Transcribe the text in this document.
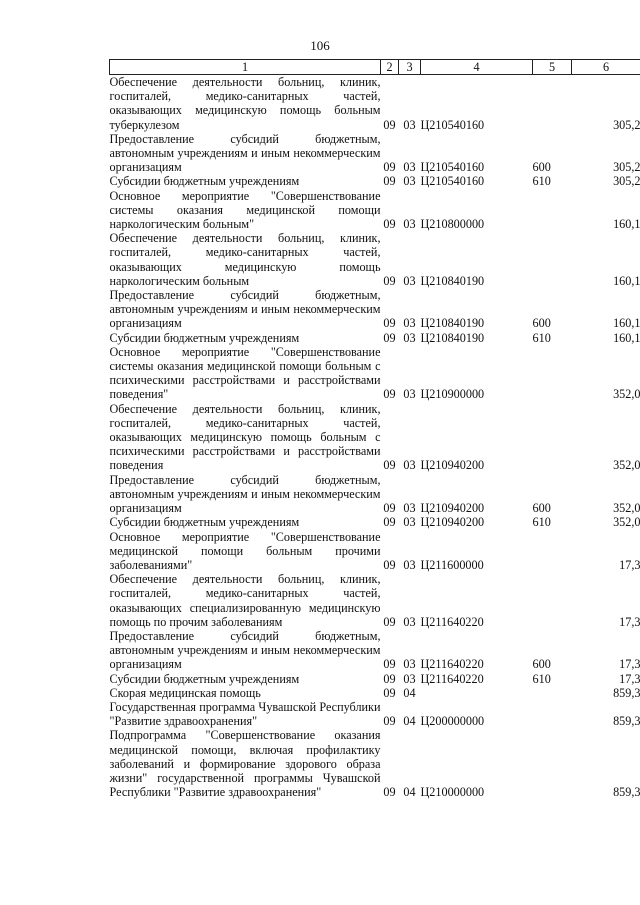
106
1	2	3	4	5	6
Обеспечение деятельности больниц, клиник, госпиталей, медико-санитарных частей, оказывающих медицинскую помощь больным туберкулезом	09	03	Ц210540160		305,2
Предоставление субсидий бюджетным, автономным учреждениям и иным некоммерческим организациям	09	03	Ц210540160	600	305,2
Субсидии бюджетным учреждениям	09	03	Ц210540160	610	305,2
Основное мероприятие "Совершенствование системы оказания медицинской помощи наркологическим больным"	09	03	Ц210800000		160,1
Обеспечение деятельности больниц, клиник, госпиталей, медико-санитарных частей, оказывающих медицинскую помощь наркологическим больным	09	03	Ц210840190		160,1
Предоставление субсидий бюджетным, автономным учреждениям и иным некоммерческим организациям	09	03	Ц210840190	600	160,1
Субсидии бюджетным учреждениям	09	03	Ц210840190	610	160,1
Основное мероприятие "Совершенствование системы оказания медицинской помощи больным с психическими расстройствами и расстройствами поведения"	09	03	Ц210900000		352,0
Обеспечение деятельности больниц, клиник, госпиталей, медико-санитарных частей, оказывающих медицинскую помощь больным с психическими расстройствами и расстройствами поведения	09	03	Ц210940200		352,0
Предоставление субсидий бюджетным, автономным учреждениям и иным некоммерческим организациям	09	03	Ц210940200	600	352,0
Субсидии бюджетным учреждениям	09	03	Ц210940200	610	352,0
Основное мероприятие "Совершенствование медицинской помощи больным прочими заболеваниями"	09	03	Ц211600000		17,3
Обеспечение деятельности больниц, клиник, госпиталей, медико-санитарных частей, оказывающих специализированную медицинскую помощь по прочим заболеваниям	09	03	Ц211640220		17,3
Предоставление субсидий бюджетным, автономным учреждениям и иным некоммерческим организациям	09	03	Ц211640220	600	17,3
Субсидии бюджетным учреждениям	09	03	Ц211640220	610	17,3
Скорая медицинская помощь	09	04			859,3
Государственная программа Чувашской Республики "Развитие здравоохранения"	09	04	Ц200000000		859,3
Подпрограмма "Совершенствование оказания медицинской помощи, включая профилактику заболеваний и формирование здорового образа жизни" государственной программы Чувашской Республики "Развитие здравоохранения"	09	04	Ц210000000		859,3
